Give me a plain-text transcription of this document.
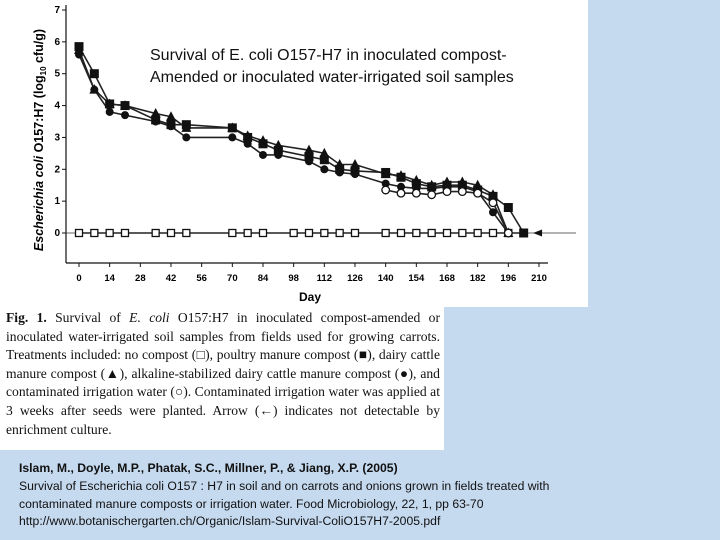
0
1
2
3
4
5
6
7
0 14 28 42 56 70 84 98 112 126 140 154 168 182 196 210
Day
Escherichia coli O157:H7 ($\log_{10}$ cfu/g)	Survival of E. coli O157-H7 in inoculated compost-
Amended or inoculated water-irrigated soil samples
Fig. 1. Survival of E. coli O157:H7 in inoculated compost-amended or inoculated water-irrigated soil samples from fields used for growing carrots. Treatments included: no compost (□), poultry manure compost (■), dairy cattle manure compost (▲), alkaline-stabilized dairy cattle manure compost (●), and contaminated irrigation water (○). Contaminated irrigation water was applied at 3 weeks after seeds were planted. Arrow (←) indicates not detectable by enrichment culture.
Islam, M., Doyle, M.P., Phatak, S.C., Millner, P., & Jiang, X.P. (2005)
Survival of Escherichia coli O157 : H7 in soil and on carrots and onions grown in fields treated with
contaminated manure composts or irrigation water. Food Microbiology, 22, 1, pp 63-70
http://www.botanischergarten.ch/Organic/Islam-Survival-ColiO157H7-2005.pdf
